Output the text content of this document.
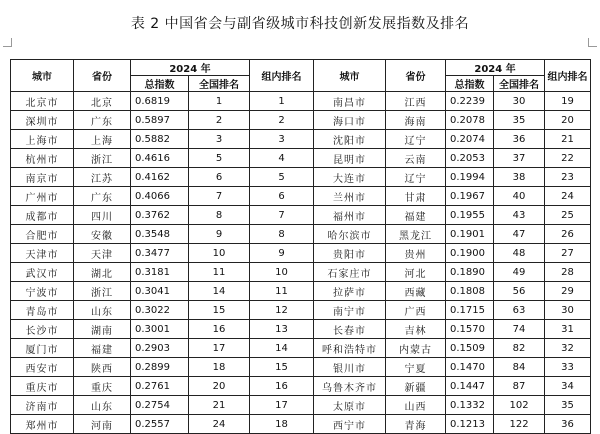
表 2 中国省会与副省级城市科技创新发展指数及排名
城市	省份	2024 年		组内排名	城市	省份	2024 年		组内排名
		总指数	全国排名				总指数	全国排名	
北京市	北京	0.6819	1	1	南昌市	江西	0.2239	30	19
深圳市	广东	0.5897	2	2	海口市	海南	0.2078	35	20
上海市	上海	0.5882	3	3	沈阳市	辽宁	0.2074	36	21
杭州市	浙江	0.4616	5	4	昆明市	云南	0.2053	37	22
南京市	江苏	0.4162	6	5	大连市	辽宁	0.1994	38	23
广州市	广东	0.4066	7	6	兰州市	甘肃	0.1967	40	24
成都市	四川	0.3762	8	7	福州市	福建	0.1955	43	25
合肥市	安徽	0.3548	9	8	哈尔滨市	黑龙江	0.1901	47	26
天津市	天津	0.3477	10	9	贵阳市	贵州	0.1900	48	27
武汉市	湖北	0.3181	11	10	石家庄市	河北	0.1890	49	28
宁波市	浙江	0.3041	14	11	拉萨市	西藏	0.1808	56	29
青岛市	山东	0.3022	15	12	南宁市	广西	0.1715	63	30
长沙市	湖南	0.3001	16	13	长春市	吉林	0.1570	74	31
厦门市	福建	0.2903	17	14	呼和浩特市	内蒙古	0.1509	82	32
西安市	陕西	0.2899	18	15	银川市	宁夏	0.1470	84	33
重庆市	重庆	0.2761	20	16	乌鲁木齐市	新疆	0.1447	87	34
济南市	山东	0.2754	21	17	太原市	山西	0.1332	102	35
郑州市	河南	0.2557	24	18	西宁市	青海	0.1213	122	36
